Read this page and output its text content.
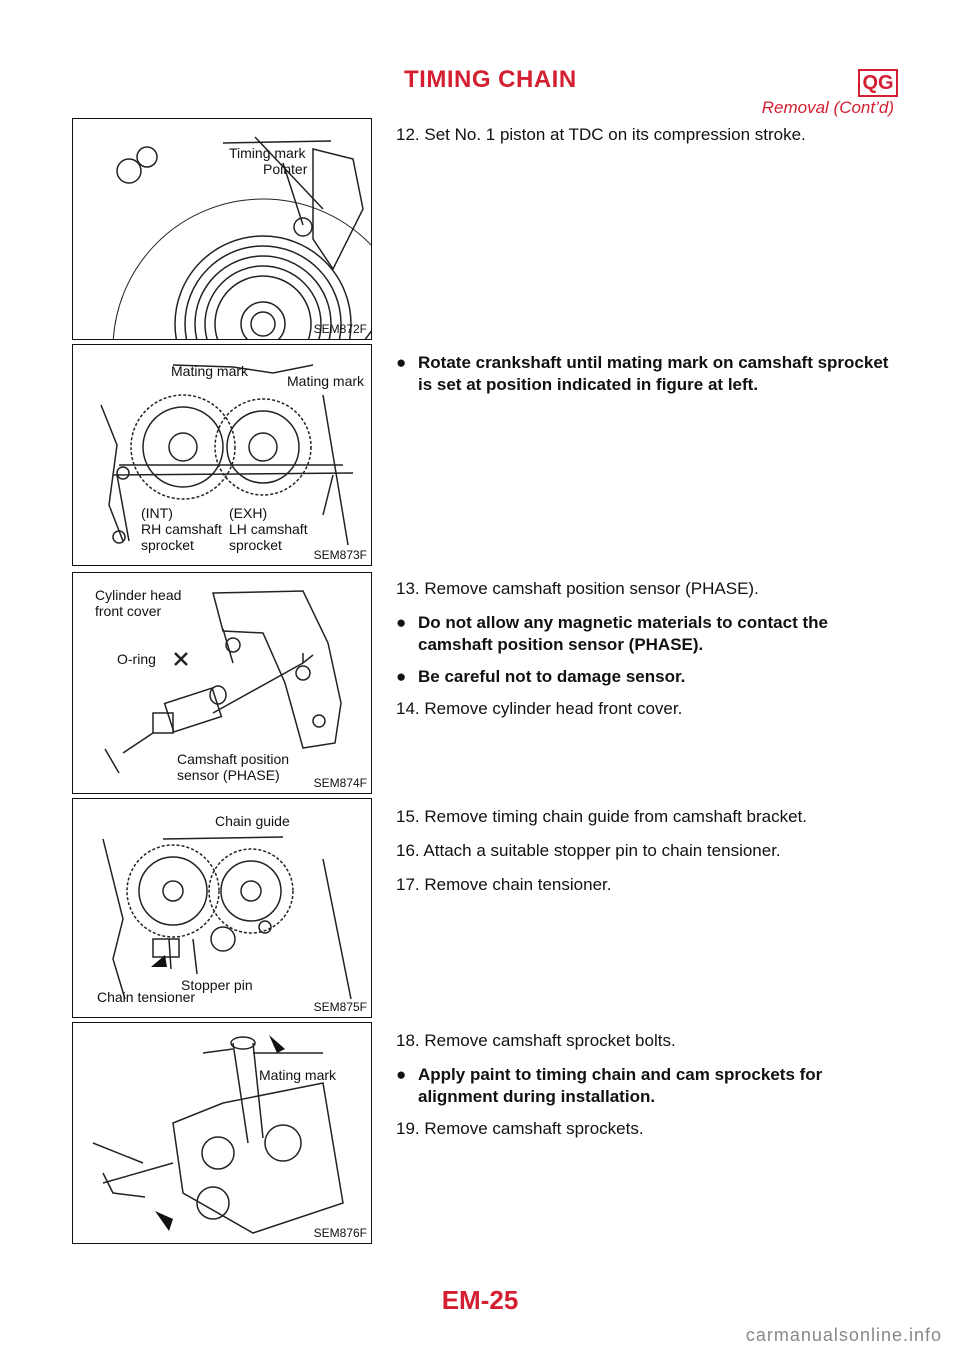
TIMING CHAIN	QG
Removal (Cont’d)
Timing mark
Pointer
SEM872F
Mating mark
Mating mark
(INT)
RH camshaft
sprocket
(EXH)
LH camshaft
sprocket
SEM873F
Cylinder head
front cover
O-ring
Camshaft position
sensor (PHASE)	SEM874F
Chain guide
Stopper pin
Chain tensioner
SEM875F
Mating mark
SEM876F

12. Set No. 1 piston at TDC on its compression stroke.

● Rotate crankshaft until mating mark on camshaft sprocket is set at position indicated in figure at left.

13. Remove camshaft position sensor (PHASE).

● Do not allow any magnetic materials to contact the camshaft position sensor (PHASE).
● Be careful not to damage sensor.

14. Remove cylinder head front cover.

15. Remove timing chain guide from camshaft bracket.

16. Attach a suitable stopper pin to chain tensioner.

17. Remove chain tensioner.

18. Remove camshaft sprocket bolts.

● Apply paint to timing chain and cam sprockets for alignment during installation.

19. Remove camshaft sprockets.

EM-25
carmanualsonline.info
